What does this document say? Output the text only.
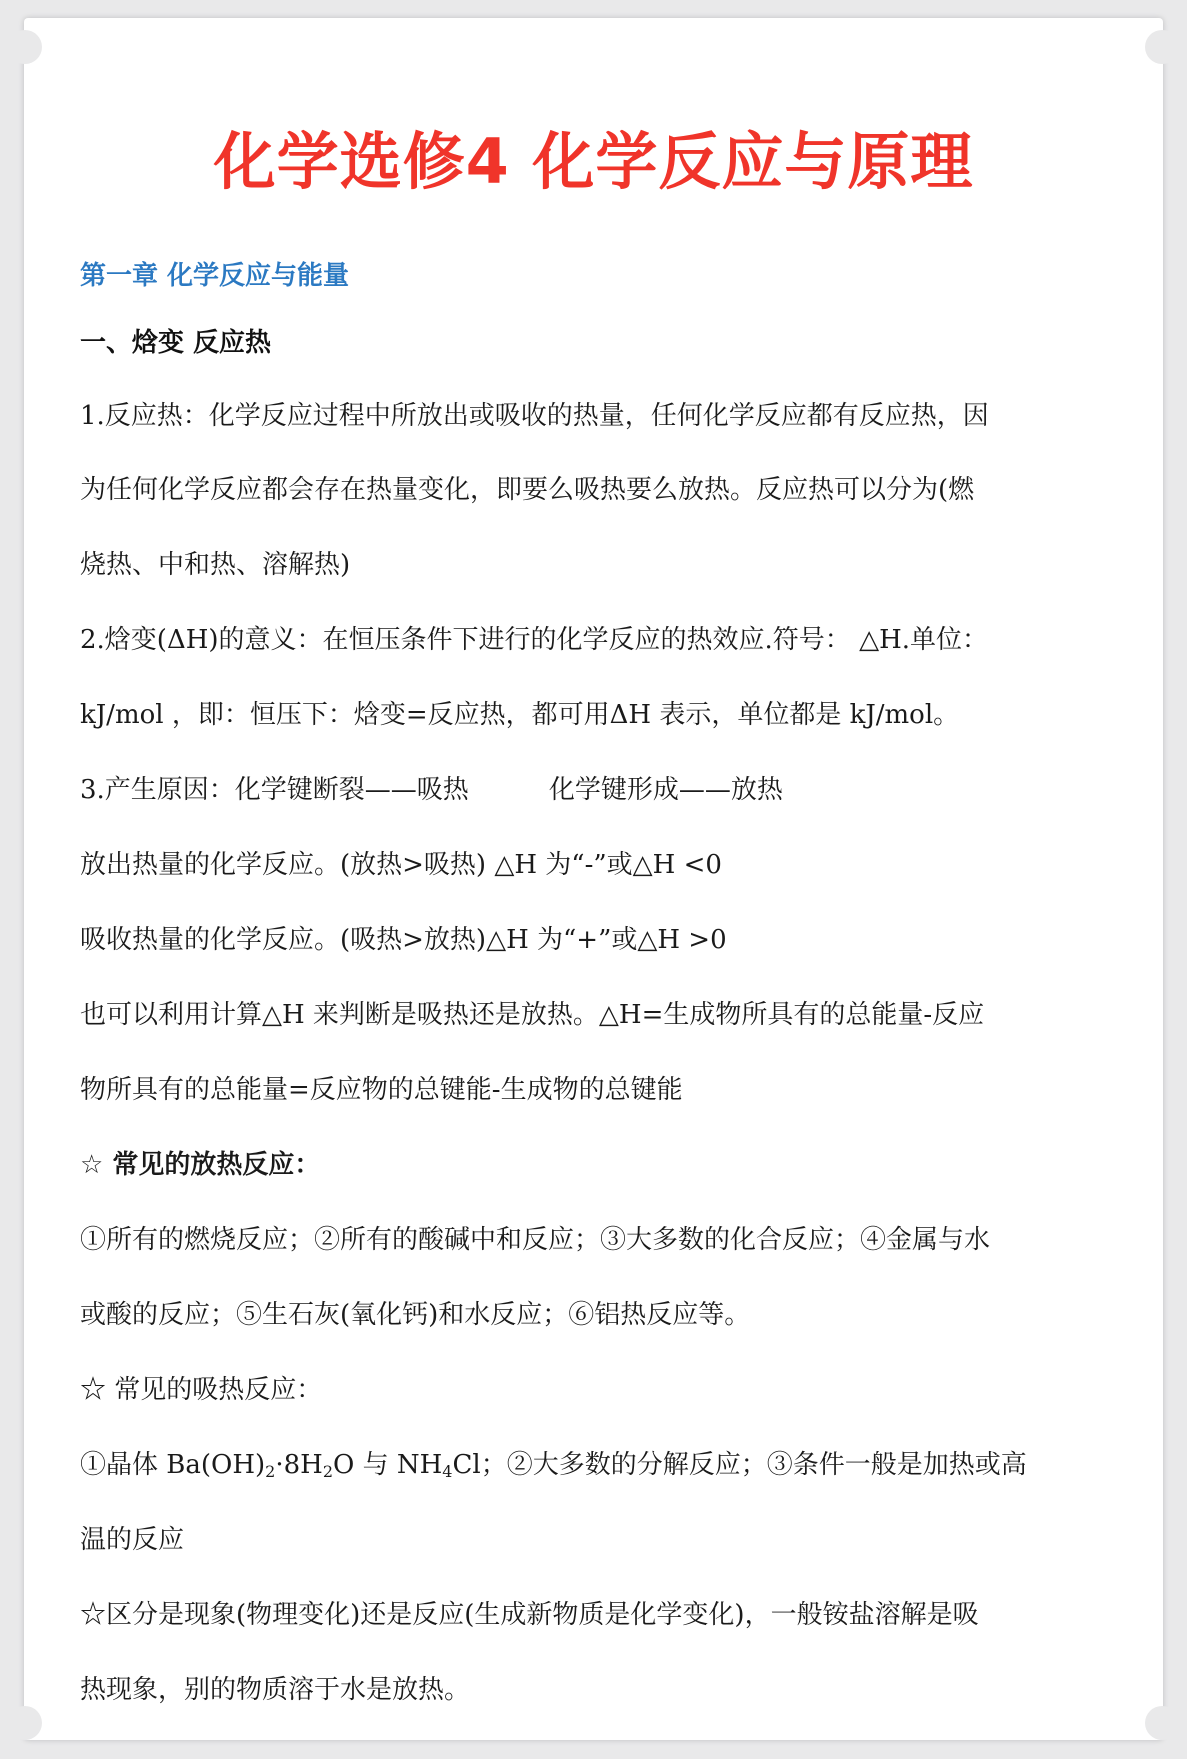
化学选修4 化学反应与原理
第一章 化学反应与能量
一、焓变 反应热
1.反应热：化学反应过程中所放出或吸收的热量，任何化学反应都有反应热，因
为任何化学反应都会存在热量变化，即要么吸热要么放热。反应热可以分为(燃
烧热、中和热、溶解热)
2.焓变(ΔH)的意义：在恒压条件下进行的化学反应的热效应.符号： △H.单位：
kJ/mol ，即：恒压下：焓变=反应热，都可用ΔH 表示，单位都是 kJ/mol。
3.产生原因：化学键断裂——吸热	化学键形成——放热
放出热量的化学反应。(放热>吸热) △H 为“-”或△H <0
吸收热量的化学反应。(吸热>放热)△H 为“+”或△H >0
也可以利用计算△H 来判断是吸热还是放热。△H=生成物所具有的总能量-反应
物所具有的总能量=反应物的总键能-生成物的总键能
☆ 常见的放热反应：
①所有的燃烧反应；②所有的酸碱中和反应；③大多数的化合反应；④金属与水
或酸的反应；⑤生石灰(氧化钙)和水反应；⑥铝热反应等。
☆ 常见的吸热反应：
①晶体 $Ba(OH)_2\cdot 8H_2O$ 与 $NH_4Cl$；②大多数的分解反应；③条件一般是加热或高
温的反应
☆区分是现象(物理变化)还是反应(生成新物质是化学变化)，一般铵盐溶解是吸
热现象，别的物质溶于水是放热。
